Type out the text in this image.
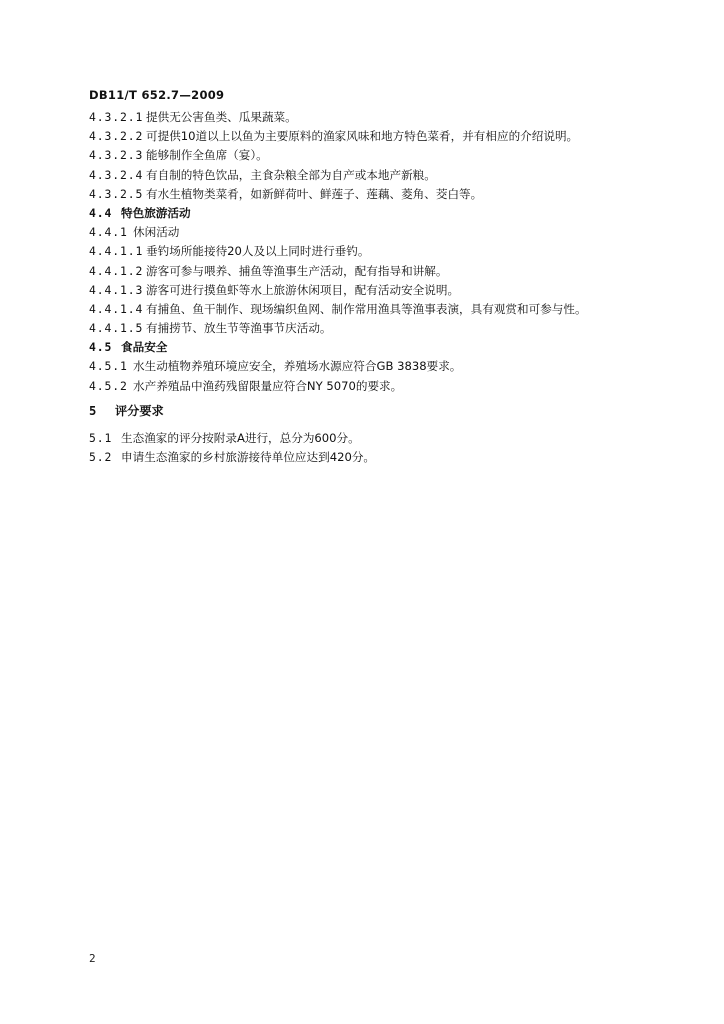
DB11/T 652.7—2009
4.3.2.1 提供无公害鱼类、瓜果蔬菜。
4.3.2.2 可提供10道以上以鱼为主要原料的渔家风味和地方特色菜肴，并有相应的介绍说明。
4.3.2.3 能够制作全鱼席（宴）。
4.3.2.4 有自制的特色饮品，主食杂粮全部为自产或本地产新粮。
4.3.2.5 有水生植物类菜肴，如新鲜荷叶、鲜莲子、莲藕、菱角、茭白等。
4.4 特色旅游活动
4.4.1 休闲活动
4.4.1.1 垂钓场所能接待20人及以上同时进行垂钓。
4.4.1.2 游客可参与喂养、捕鱼等渔事生产活动，配有指导和讲解。
4.4.1.3 游客可进行摸鱼虾等水上旅游休闲项目，配有活动安全说明。
4.4.1.4 有捕鱼、鱼干制作、现场编织鱼网、制作常用渔具等渔事表演，具有观赏和可参与性。
4.4.1.5 有捕捞节、放生节等渔事节庆活动。
4.5 食品安全
4.5.1 水生动植物养殖环境应安全，养殖场水源应符合GB 3838要求。
4.5.2 水产养殖品中渔药残留限量应符合NY 5070的要求。
5 评分要求
5.1 生态渔家的评分按附录A进行，总分为600分。
5.2 申请生态渔家的乡村旅游接待单位应达到420分。
2
